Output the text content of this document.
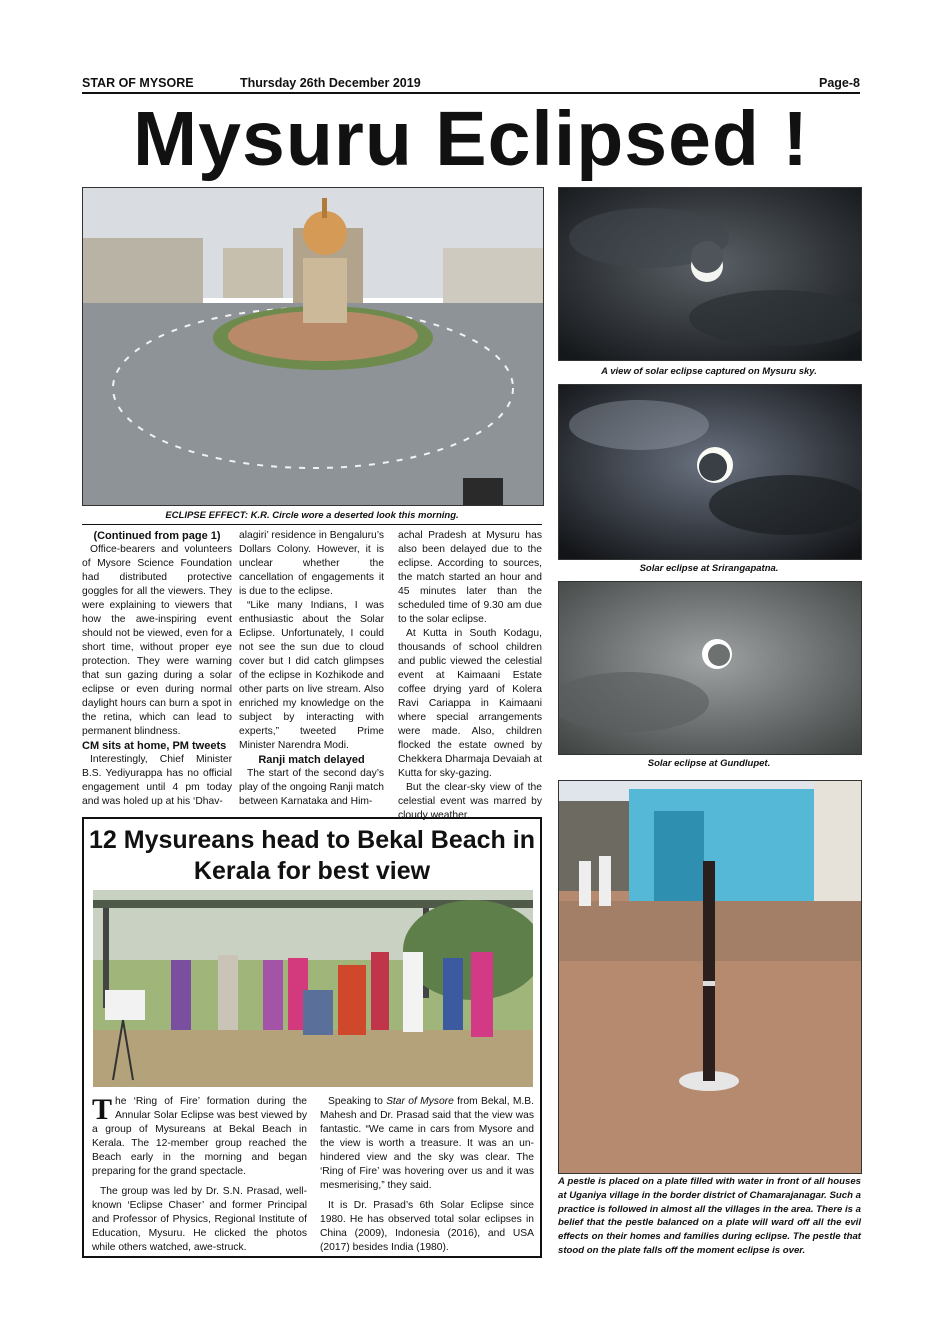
STAR OF MYSORE	Thursday 26th December 2019	Page-8
Mysuru Eclipsed !
ECLIPSE EFFECT: K.R. Circle wore a deserted look this morning.

(Continued from page 1)

Office-bearers and volunteers of Mysore Science Foundation had distributed protective goggles for all the viewers. They were explaining to viewers that how the awe-inspiring event should not be viewed, even for a short time, without proper eye protection. They were warning that sun gazing during a solar eclipse or even during normal daylight hours can burn a spot in the retina, which can lead to permanent blindness.

CM sits at home, PM tweets

Interestingly, Chief Minister B.S. Yediyurappa has no official engagement until 4 pm today and was holed up at his ‘Dhav-

alagiri’ residence in Bengaluru’s Dollars Colony. However, it is unclear whether the cancellation of engagements it is due to the eclipse.

“Like many Indians, I was enthusiastic about the Solar Eclipse. Unfortunately, I could not see the sun due to cloud cover but I did catch glimpses of the eclipse in Kozhikode and other parts on live stream. Also enriched my knowledge on the subject by interacting with experts,” tweeted Prime Minister Narendra Modi.

Ranji match delayed

The start of the second day’s play of the ongoing Ranji match between Karnataka and Him-

achal Pradesh at Mysuru has also been delayed due to the eclipse. According to sources, the match started an hour and 45 minutes later than the scheduled time of 9.30 am due to the solar eclipse.

At Kutta in South Kodagu, thousands of school children and public viewed the celestial event at Kaimaani Estate coffee drying yard of Kolera Ravi Cariappa in Kaimaani where special arrangements were made. Also, children flocked the estate owned by Chekkera Dharmaja Devaiah at Kutta for sky-gazing.

But the clear-sky view of the celestial event was marred by cloudy weather.

A view of solar eclipse captured on Mysuru sky.
Solar eclipse at Srirangapatna.
Solar eclipse at Gundlupet.
A pestle is placed on a plate filled with water in front of all houses at Uganiya village in the border district of Chamarajanagar. Such a practice is followed in almost all the villages in the area. There is a belief that the pestle balanced on a plate will ward off all the evil effects on their homes and families during eclipse. The pestle that stood on the plate falls off the moment eclipse is over.
12 Mysureans head to Bekal Beach in Kerala for best view

The ‘Ring of Fire’ formation during the Annular Solar Eclipse was best viewed by a group of Mysureans at Bekal Beach in Kerala. The 12-member group reached the Beach early in the morning and began preparing for the grand spectacle.

The group was led by Dr. S.N. Prasad, well-known ‘Eclipse Chaser’ and former Principal and Professor of Physics, Regional Institute of Education, Mysuru. He clicked the photos while others watched, awe-struck.

Speaking to Star of Mysore from Bekal, M.B. Mahesh and Dr. Prasad said that the view was fantastic. “We came in cars from Mysore and the view is worth a treasure. It was an un-hindered view and the sky was clear. The ‘Ring of Fire’ was hovering over us and it was mesmerising,” they said.

It is Dr. Prasad’s 6th Solar Eclipse since 1980. He has observed total solar eclipses in China (2009), Indonesia (2016), and USA (2017) besides India (1980).
